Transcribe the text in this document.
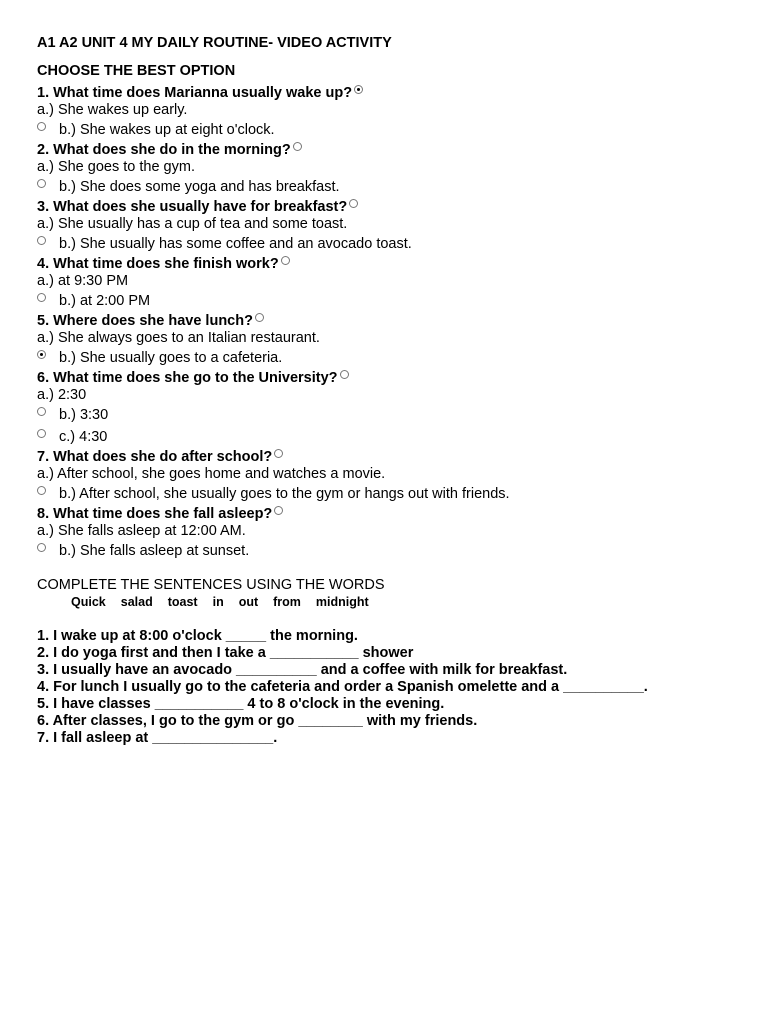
A1 A2 UNIT 4 MY DAILY ROUTINE- VIDEO ACTIVITY
CHOOSE THE BEST OPTION
1. What time does Marianna usually wake up?
a.) She wakes up early.
b.) She wakes up at eight o'clock.
2. What does she do in the morning?
a.) She goes to the gym.
b.) She does some yoga and has breakfast.
3. What does she usually have for breakfast?
a.) She usually has a cup of tea and some toast.
b.) She usually has some coffee and an avocado toast.
4. What time does she finish work?
a.) at 9:30 PM
b.) at 2:00 PM
5. Where does she have lunch?
a.) She always goes to an Italian restaurant.
b.) She usually goes to a cafeteria.
6. What time does she go to the University?
a.) 2:30
b.) 3:30
c.) 4:30
7. What does she do after school?
a.) After school, she goes home and watches a movie.
b.) After school, she usually goes to the gym or hangs out with friends.
8. What time does she fall asleep?
a.) She falls asleep at 12:00 AM.
b.) She falls asleep at sunset.
COMPLETE THE SENTENCES USING THE WORDS
Quick salad toast in out from midnight
1. I wake up at 8:00 o'clock _____ the morning.
2. I do yoga first and then I take a ___________ shower
3. I usually have an avocado __________ and a coffee with milk for breakfast.
4. For lunch I usually go to the cafeteria and order a Spanish omelette and a __________.
5. I have classes ___________ 4 to 8 o'clock in the evening.
6. After classes, I go to the gym or go ________ with my friends.
7. I fall asleep at _______________.
